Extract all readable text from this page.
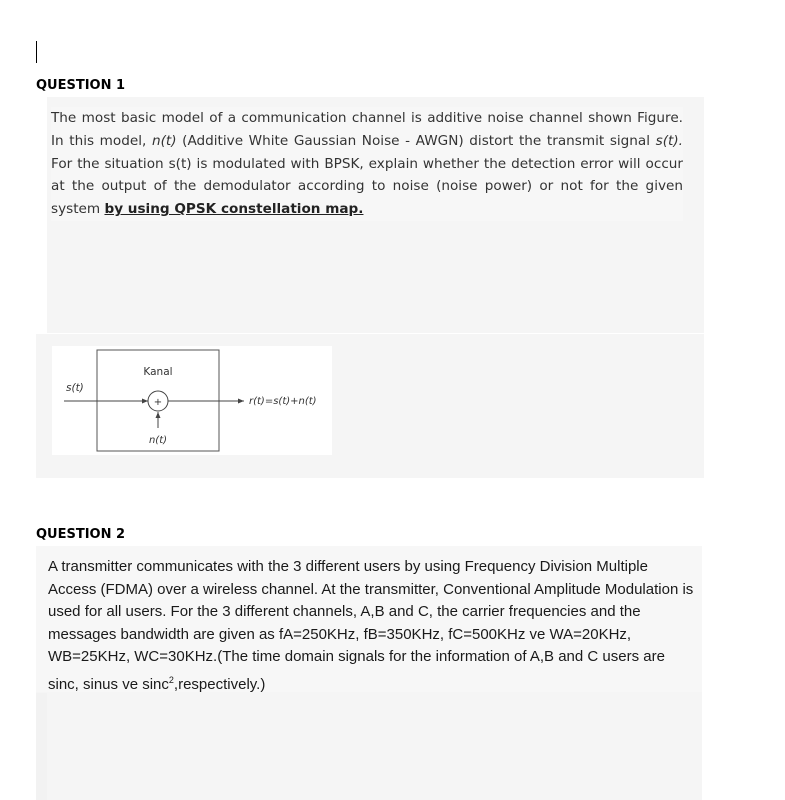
QUESTION 1

The most basic model of a communication channel is additive noise channel shown Figure. In this model, n(t) (Additive White Gaussian Noise - AWGN) distort the transmit signal s(t). For the situation s(t) is modulated with BPSK, explain whether the detection error will occur at the output of the demodulator according to noise (noise power) or not for the given system by using QPSK constellation map.

Kanal
s(t)
+
n(t)
r(t)=s(t)+n(t)
QUESTION 2

A transmitter communicates with the 3 different users by using Frequency Division Multiple Access (FDMA) over a wireless channel. At the transmitter, Conventional Amplitude Modulation is used for all users. For the 3 different channels, A,B and C, the carrier frequencies and the messages bandwidth are given as fA=250KHz, fB=350KHz, fC=500KHz ve WA=20KHz, WB=25KHz, WC=30KHz.(The time domain signals for the information of A,B and C users are sinc, sinus ve sinc$^2$,respectively.)
